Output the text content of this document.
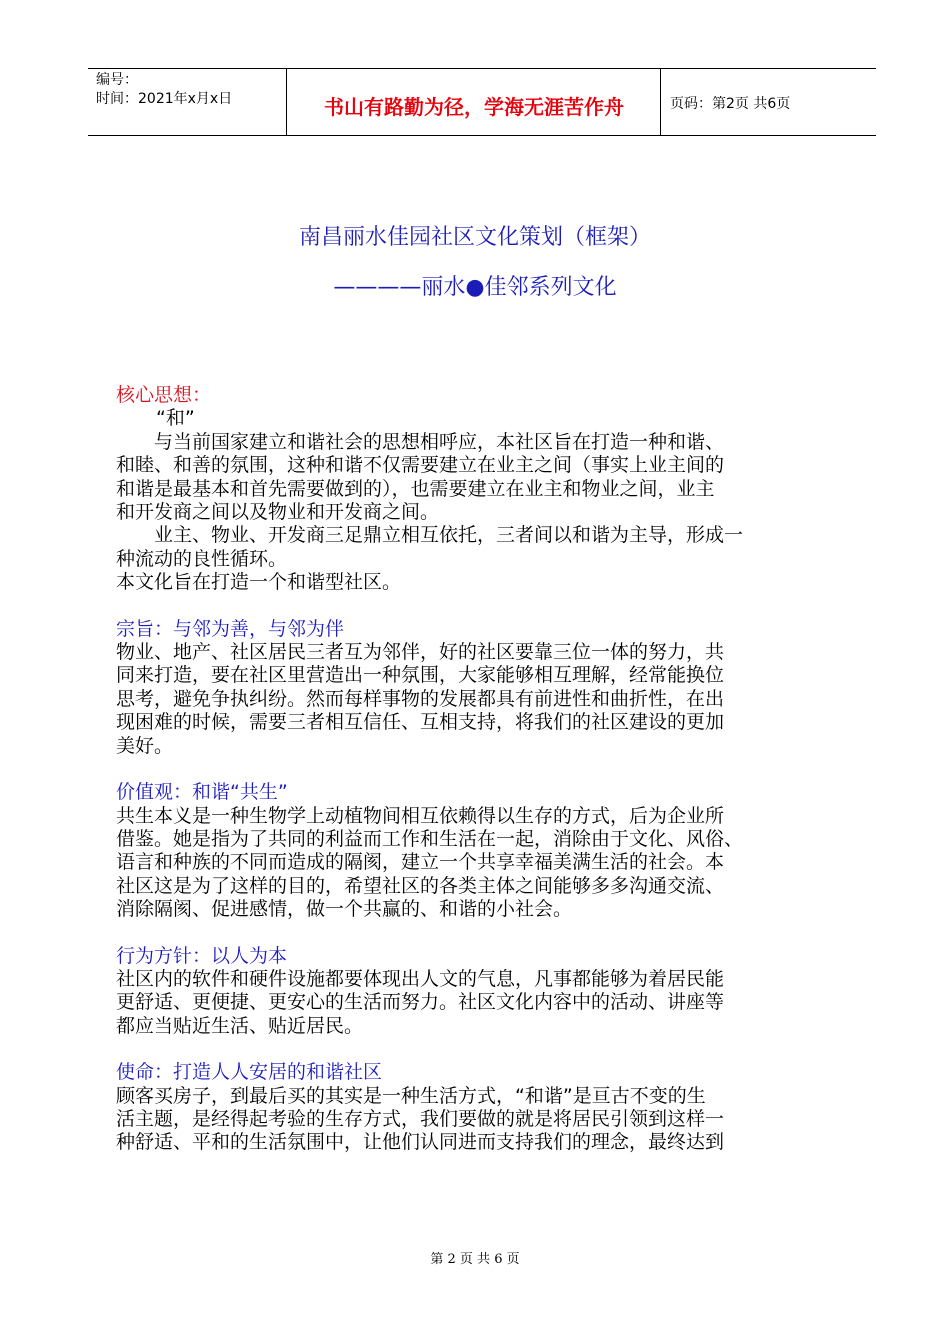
编号：
时间：2021年x月x日	书山有路勤为径，学海无涯苦作舟	页码：第2页 共6页
南昌丽水佳园社区文化策划（框架）
————丽水●佳邻系列文化

核心思想：

“和”

与当前国家建立和谐社会的思想相呼应，本社区旨在打造一种和谐、

和睦、和善的氛围，这种和谐不仅需要建立在业主之间（事实上业主间的

和谐是最基本和首先需要做到的），也需要建立在业主和物业之间，业主

和开发商之间以及物业和开发商之间。

业主、物业、开发商三足鼎立相互依托，三者间以和谐为主导，形成一

种流动的良性循环。

本文化旨在打造一个和谐型社区。

宗旨：与邻为善，与邻为伴

物业、地产、社区居民三者互为邻伴，好的社区要靠三位一体的努力，共

同来打造，要在社区里营造出一种氛围，大家能够相互理解，经常能换位

思考，避免争执纠纷。然而每样事物的发展都具有前进性和曲折性，在出

现困难的时候，需要三者相互信任、互相支持，将我们的社区建设的更加

美好。

价值观：和谐“共生”

共生本义是一种生物学上动植物间相互依赖得以生存的方式，后为企业所

借鉴。她是指为了共同的利益而工作和生活在一起，消除由于文化、风俗、

语言和种族的不同而造成的隔阂，建立一个共享幸福美满生活的社会。本

社区这是为了这样的目的，希望社区的各类主体之间能够多多沟通交流、

消除隔阂、促进感情，做一个共赢的、和谐的小社会。

行为方针：以人为本

社区内的软件和硬件设施都要体现出人文的气息，凡事都能够为着居民能

更舒适、更便捷、更安心的生活而努力。社区文化内容中的活动、讲座等

都应当贴近生活、贴近居民。

使命：打造人人安居的和谐社区

顾客买房子，到最后买的其实是一种生活方式，“和谐”是亘古不变的生

活主题，是经得起考验的生存方式，我们要做的就是将居民引领到这样一

种舒适、平和的生活氛围中，让他们认同进而支持我们的理念，最终达到

第 2 页 共 6 页
